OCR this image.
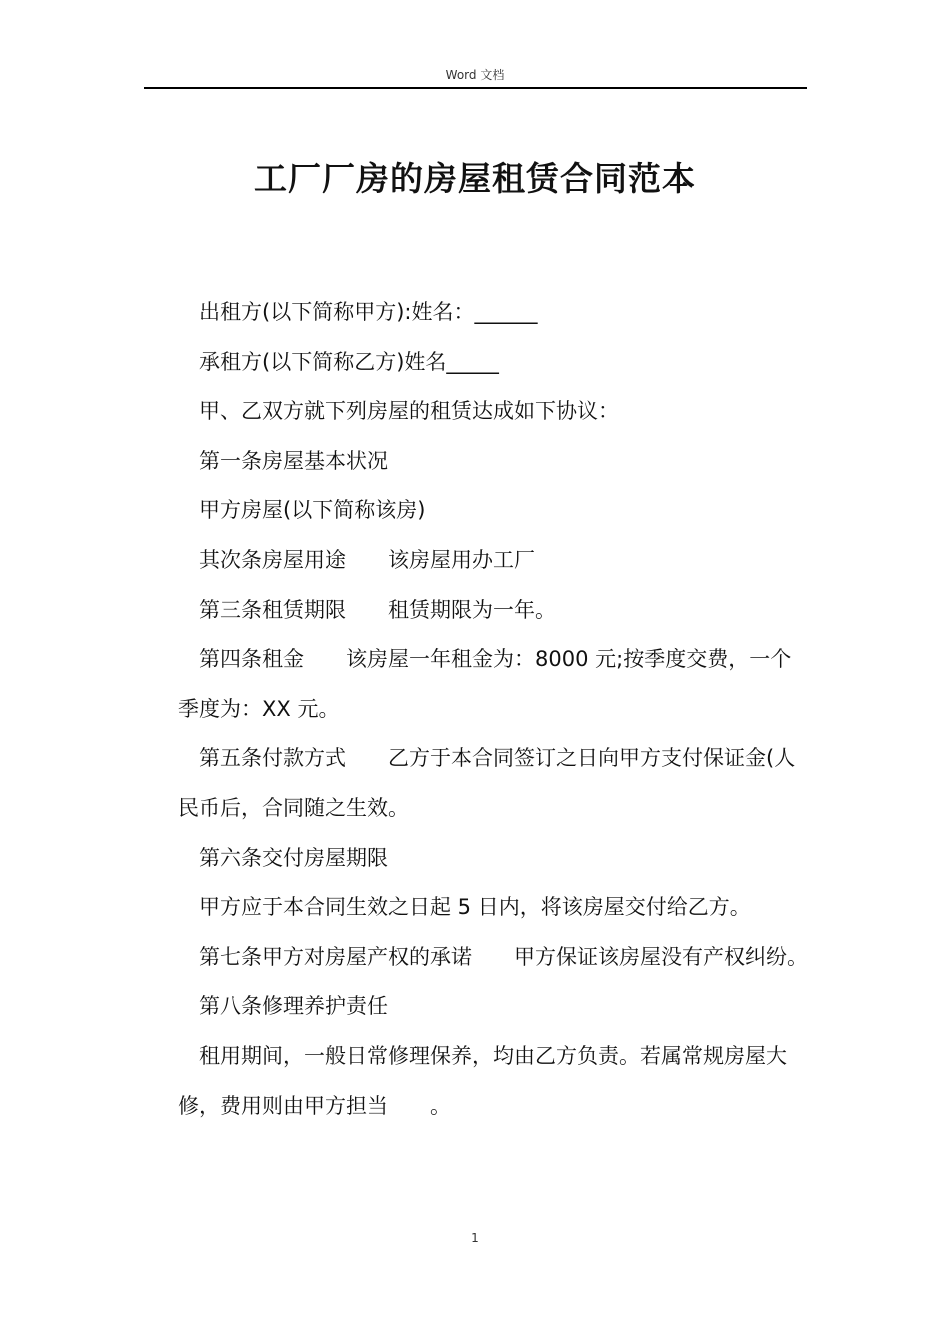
Word 文档
工厂厂房的房屋租赁合同范本

出租方(以下简称甲方):姓名：______

承租方(以下简称乙方)姓名_____

甲、乙双方就下列房屋的租赁达成如下协议：

第一条房屋基本状况

甲方房屋(以下简称该房)

其次条房屋用途　　该房屋用办工厂

第三条租赁期限　　租赁期限为一年。

第四条租金　　该房屋一年租金为：8000 元;按季度交费，一个季度为：XX 元。

第五条付款方式　　乙方于本合同签订之日向甲方支付保证金(人民币后，合同随之生效。

第六条交付房屋期限

甲方应于本合同生效之日起 5 日内，将该房屋交付给乙方。

第七条甲方对房屋产权的承诺　　甲方保证该房屋没有产权纠纷。

第八条修理养护责任

租用期间，一般日常修理保养，均由乙方负责。若属常规房屋大修，费用则由甲方担当　　。

1
